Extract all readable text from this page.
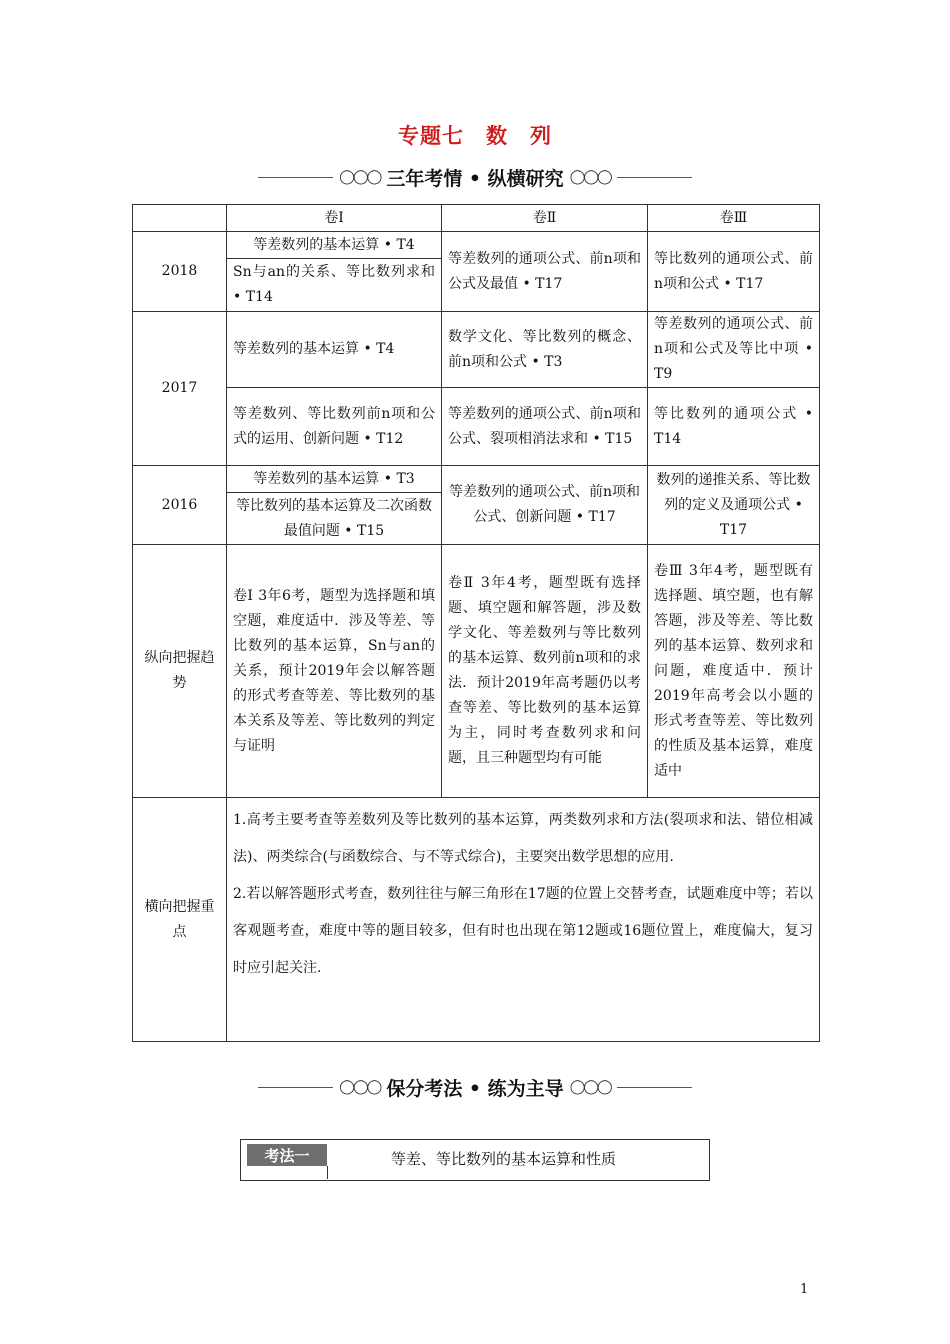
专题七　数　列
◯◯◯ 三年考情 • 纵横研究 ◯◯◯
	卷Ⅰ	卷Ⅱ	卷Ⅲ
2018	等差数列的基本运算 • T4	等差数列的通项公式、前n项和公式及最值 • T17	等比数列的通项公式、前n项和公式 • T17
	Sn与an的关系、等比数列求和 • T14		
2017	等差数列的基本运算 • T4	数学文化、等比数列的概念、前n项和公式 • T3	等差数列的通项公式、前n项和公式及等比中项 • T9
	等差数列、等比数列前n项和公式的运用、创新问题 • T12	等差数列的通项公式、前n项和公式、裂项相消法求和 • T15	等比数列的通项公式 • T14
2016	等差数列的基本运算 • T3	等差数列的通项公式、前n项和公式、创新问题 • T17	数列的递推关系、等比数列的定义及通项公式 • T17
	等比数列的基本运算及二次函数最值问题 • T15		
纵向把握趋势	卷Ⅰ 3年6考，题型为选择题和填空题，难度适中．涉及等差、等比数列的基本运算，Sn与an的关系，预计2019年会以解答题的形式考查等差、等比数列的基本关系及等差、等比数列的判定与证明	卷Ⅱ 3年4考，题型既有选择题、填空题和解答题，涉及数学文化、等差数列与等比数列的基本运算、数列前n项和的求法．预计2019年高考题仍以考查等差、等比数列的基本运算为主，同时考查数列求和问题，且三种题型均有可能	卷Ⅲ 3年4考，题型既有选择题、填空题，也有解答题，涉及等差、等比数列的基本运算、数列求和问题，难度适中．预计2019年高考会以小题的形式考查等差、等比数列的性质及基本运算，难度适中
横向把握重点	1.高考主要考查等差数列及等比数列的基本运算，两类数列求和方法(裂项求和法、错位相减法)、两类综合(与函数综合、与不等式综合)，主要突出数学思想的应用.
2.若以解答题形式考查，数列往往与解三角形在17题的位置上交替考查，试题难度中等；若以客观题考查，难度中等的题目较多，但有时也出现在第12题或16题位置上，难度偏大，复习时应引起关注.		
◯◯◯ 保分考法 • 练为主导 ◯◯◯
考法一	等差、等比数列的基本运算和性质
1
